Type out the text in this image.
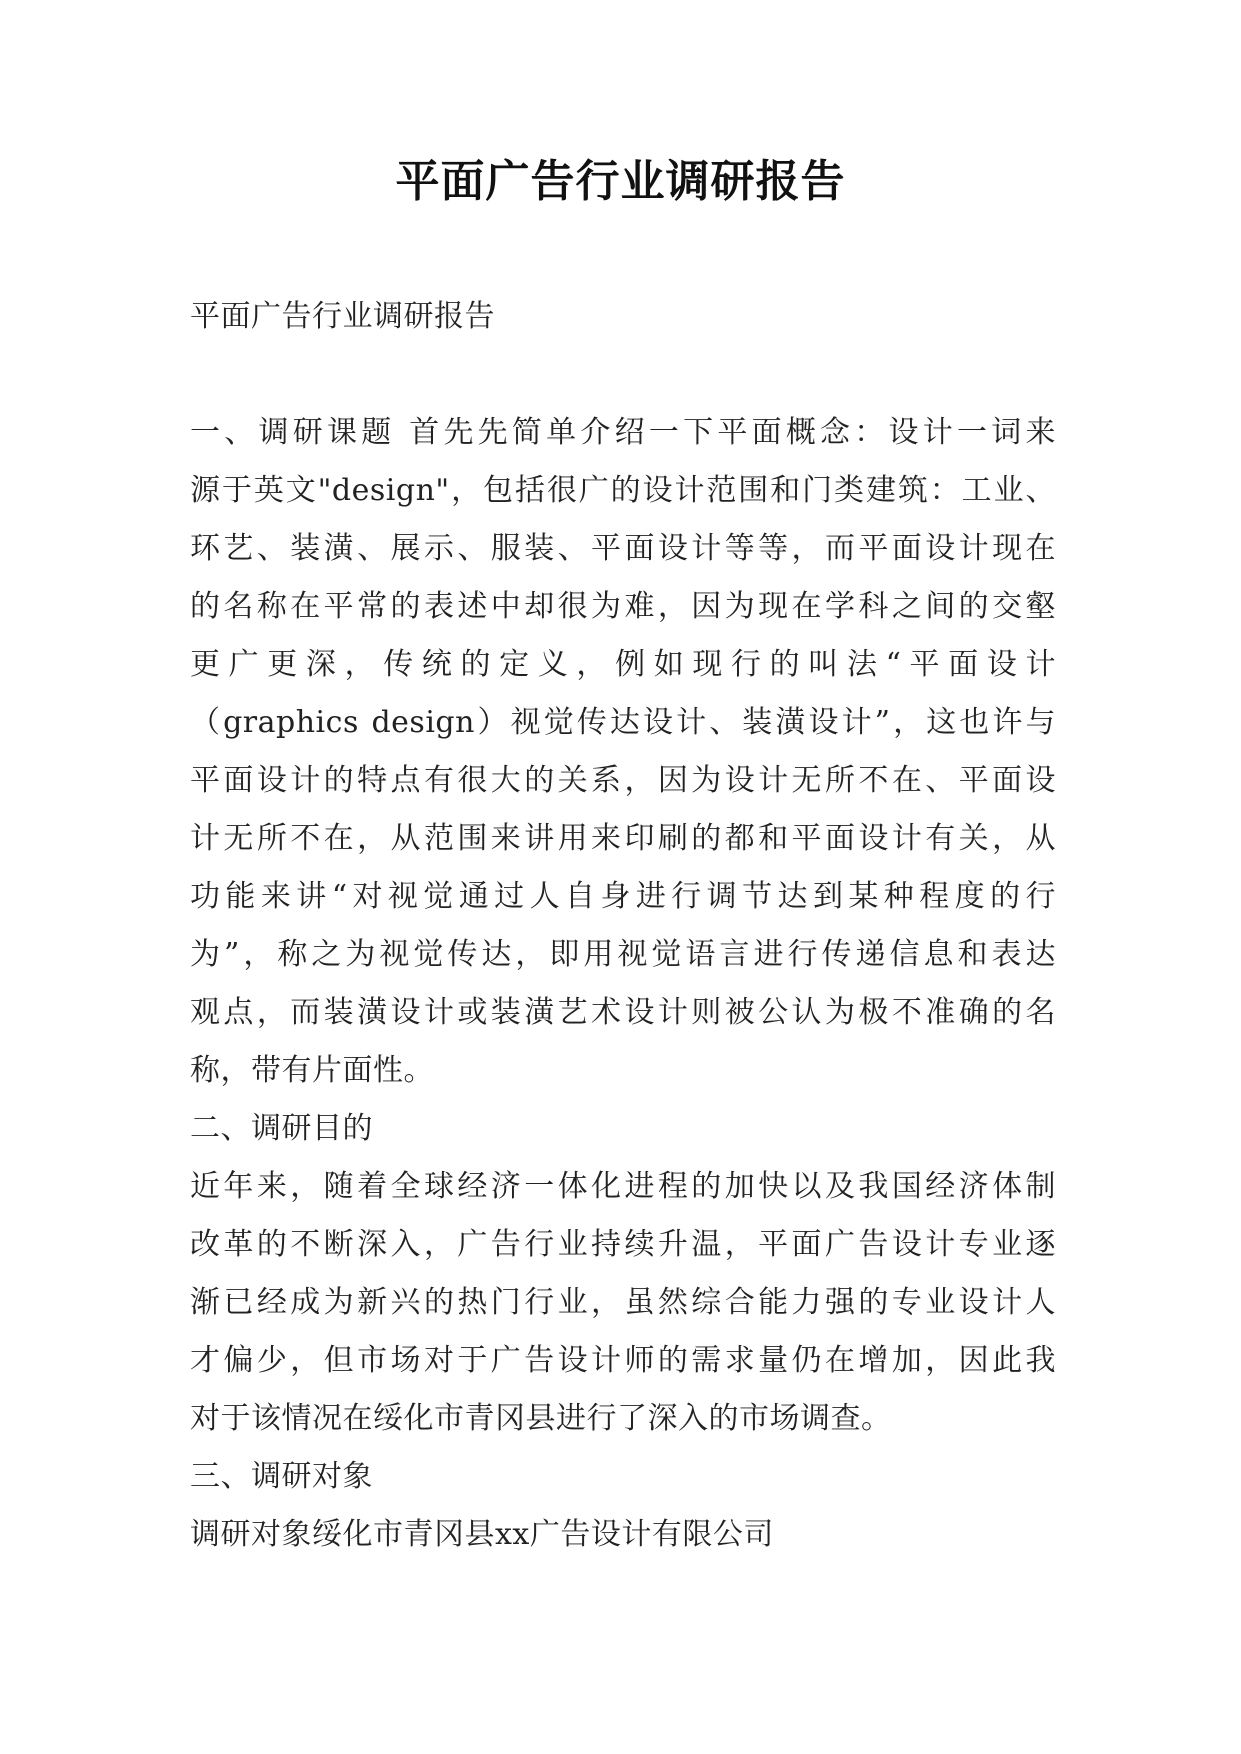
平面广告行业调研报告
平面广告行业调研报告
一、调研课题 首先先简单介绍一下平面概念：设计一词来
源于英文"design"，包括很广的设计范围和门类建筑：工业、
环艺、装潢、展示、服装、平面设计等等，而平面设计现在
的名称在平常的表述中却很为难，因为现在学科之间的交壑
更广更深，传统的定义，例如现行的叫法“平面设计
（graphics design）视觉传达设计、装潢设计”，这也许与
平面设计的特点有很大的关系，因为设计无所不在、平面设
计无所不在，从范围来讲用来印刷的都和平面设计有关，从
功能来讲“对视觉通过人自身进行调节达到某种程度的行
为”，称之为视觉传达，即用视觉语言进行传递信息和表达
观点，而装潢设计或装潢艺术设计则被公认为极不准确的名
称，带有片面性。
二、调研目的
近年来，随着全球经济一体化进程的加快以及我国经济体制
改革的不断深入，广告行业持续升温，平面广告设计专业逐
渐已经成为新兴的热门行业，虽然综合能力强的专业设计人
才偏少，但市场对于广告设计师的需求量仍在增加，因此我
对于该情况在绥化市青冈县进行了深入的市场调查。
三、调研对象
调研对象绥化市青冈县xx广告设计有限公司
